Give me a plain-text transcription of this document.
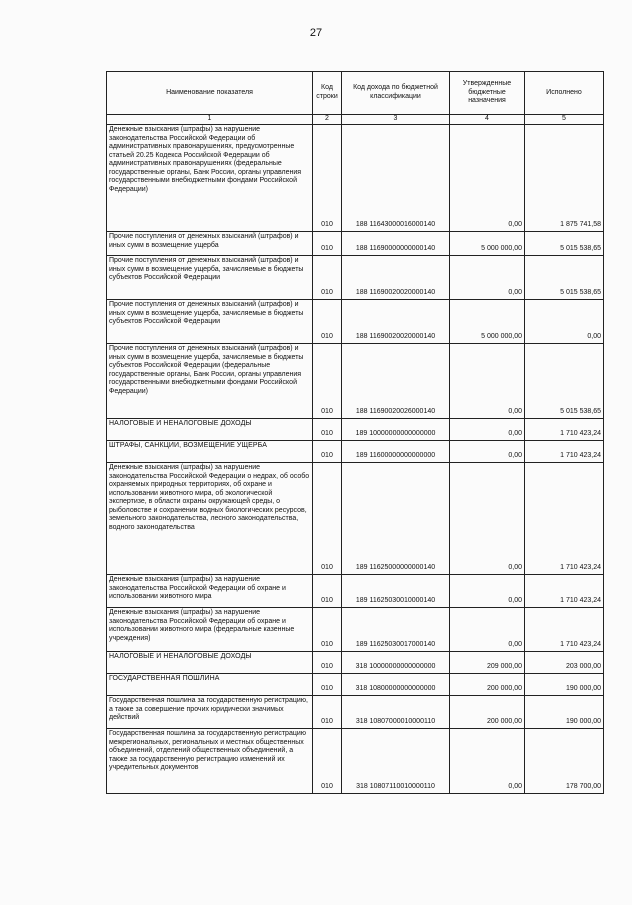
27
Наименование показателя	Код строки	Код дохода по бюджетной классификации	Утвержденные бюджетные назначения	Исполнено
1	2	3	4	5
Денежные взыскания (штрафы) за нарушение законодательства Российской Федерации об административных правонарушениях, предусмотренные статьей 20.25 Кодекса Российской Федерации об административных правонарушениях (федеральные государственные органы, Банк России, органы управления государственными внебюджетными фондами Российской Федерации)	010	188 11643000016000140	0,00	1 875 741,58
Прочие поступления от денежных взысканий (штрафов) и иных сумм в возмещение ущерба	010	188 11690000000000140	5 000 000,00	5 015 538,65
Прочие поступления от денежных взысканий (штрафов) и иных сумм в возмещение ущерба, зачисляемые в бюджеты субъектов Российской Федерации	010	188 11690020020000140	0,00	5 015 538,65
Прочие поступления от денежных взысканий (штрафов) и иных сумм в возмещение ущерба, зачисляемые в бюджеты субъектов Российской Федерации	010	188 11690020020000140	5 000 000,00	0,00
Прочие поступления от денежных взысканий (штрафов) и иных сумм в возмещение ущерба, зачисляемые в бюджеты субъектов Российской Федерации (федеральные государственные органы, Банк России, органы управления государственными внебюджетными фондами Российской Федерации)	010	188 11690020026000140	0,00	5 015 538,65
НАЛОГОВЫЕ И НЕНАЛОГОВЫЕ ДОХОДЫ	010	189 10000000000000000	0,00	1 710 423,24
ШТРАФЫ, САНКЦИИ, ВОЗМЕЩЕНИЕ УЩЕРБА	010	189 11600000000000000	0,00	1 710 423,24
Денежные взыскания (штрафы) за нарушение законодательства Российской Федерации о недрах, об особо охраняемых природных территориях, об охране и использовании животного мира, об экологической экспертизе, в области охраны окружающей среды, о рыболовстве и сохранении водных биологических ресурсов, земельного законодательства, лесного законодательства, водного законодательства	010	189 11625000000000140	0,00	1 710 423,24
Денежные взыскания (штрафы) за нарушение законодательства Российской Федерации об охране и использовании животного мира	010	189 11625030010000140	0,00	1 710 423,24
Денежные взыскания (штрафы) за нарушение законодательства Российской Федерации об охране и использовании животного мира (федеральные казенные учреждения)	010	189 11625030017000140	0,00	1 710 423,24
НАЛОГОВЫЕ И НЕНАЛОГОВЫЕ ДОХОДЫ	010	318 10000000000000000	209 000,00	203 000,00
ГОСУДАРСТВЕННАЯ ПОШЛИНА	010	318 10800000000000000	200 000,00	190 000,00
Государственная пошлина за государственную регистрацию, а также за совершение прочих юридически значимых действий	010	318 10807000010000110	200 000,00	190 000,00
Государственная пошлина за государственную регистрацию межрегиональных, региональных и местных общественных объединений, отделений общественных объединений, а также за государственную регистрацию изменений их учредительных документов	010	318 10807110010000110	0,00	178 700,00
